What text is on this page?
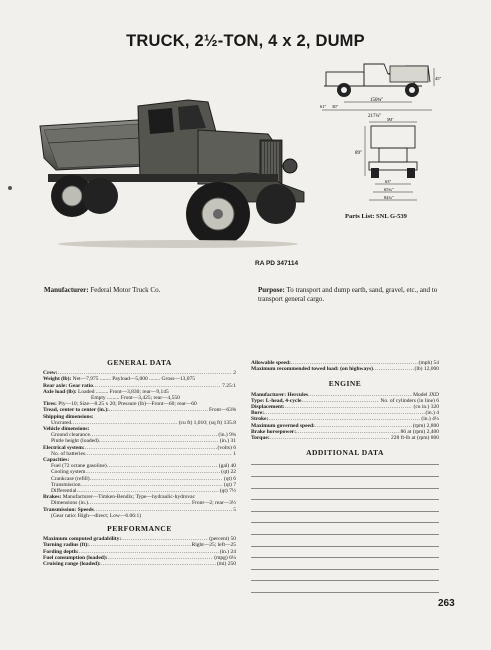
TRUCK, 2½-TON, 4 x 2, DUMP
RA PD 347114
150¾"
217¼"
61" 30"
45"
90"
89"
63"
65¾"
84¾"
Parts List: SNL G-539
Manufacturer: Federal Motor Truck Co.	Purpose: To transport and dump earth, sand, gravel, etc., and to transport general cargo.
GENERAL DATA
Crew: .....	2
Weight (lb): Net—7,975 ........ Payload—5,000 ........ Gross—13,075
Rear axle: Gear ratio .....	7.25:1
Axle load (lb): Loaded ......... Front—3,830; rear—9,145
Empty ......... Front—3,425; rear—4,550
Tires: Ply—10; Size—8.25 x 20; Pressure (lb)—Front—60; rear—60
Tread, center to center (in.): .....	Front—63⅝
Shipping dimensions:
Uncrated .....	(cu ft) 1,010; (sq ft) 135.8
Vehicle dimensions:
Ground clearance .....	(in.) 9¾
Pintle height (loaded) .....	(in.) 31
Electrical system: .....	(volts) 6
No. of batteries .....	1
Capacities:
Fuel (72 octane gasoline) .....	(gal) 40
Cooling system .....	(qt) 22
Crankcase (refill) .....	(qt) 6
Transmission .....	(qt) 7
Differential .....	(qt) 7½
Brakes: Manufacturer—Timken-Bendix; Type—hydraulic-hydrovac
Dimensions (in.) .....	Front—2; rear—3½
Transmission: Speeds .....	5
(Gear ratio: High—direct; Low—6.06:1)
PERFORMANCE
Maximum computed gradability: .....	(percent) 50
Turning radius (ft): .....	Right—25; left—25
Fording depth: .....	(in.) 24
Fuel consumption (loaded): .....	(mpg) 6¼
Cruising range (loaded): .....	(mi) 250
Allowable speed: .....	(mph) 54
Maximum recommended towed load: (on highways) .....	(lb) 12,000
ENGINE
Manufacturer: Hercules .....	Model JXD
Type: L-head, 4-cycle .....	No. of cylinders (in line) 6
Displacement: .....	(cu in.) 320
Bore: .....	(in.) 4
Stroke: .....	(in.) 4¼
Maximum governed speed: .....	(rpm) 2,800
Brake horsepower: .....	86 at (rpm) 2,400
Torque: .....	228 ft-lb at (rpm) 800
ADDITIONAL DATA
263
